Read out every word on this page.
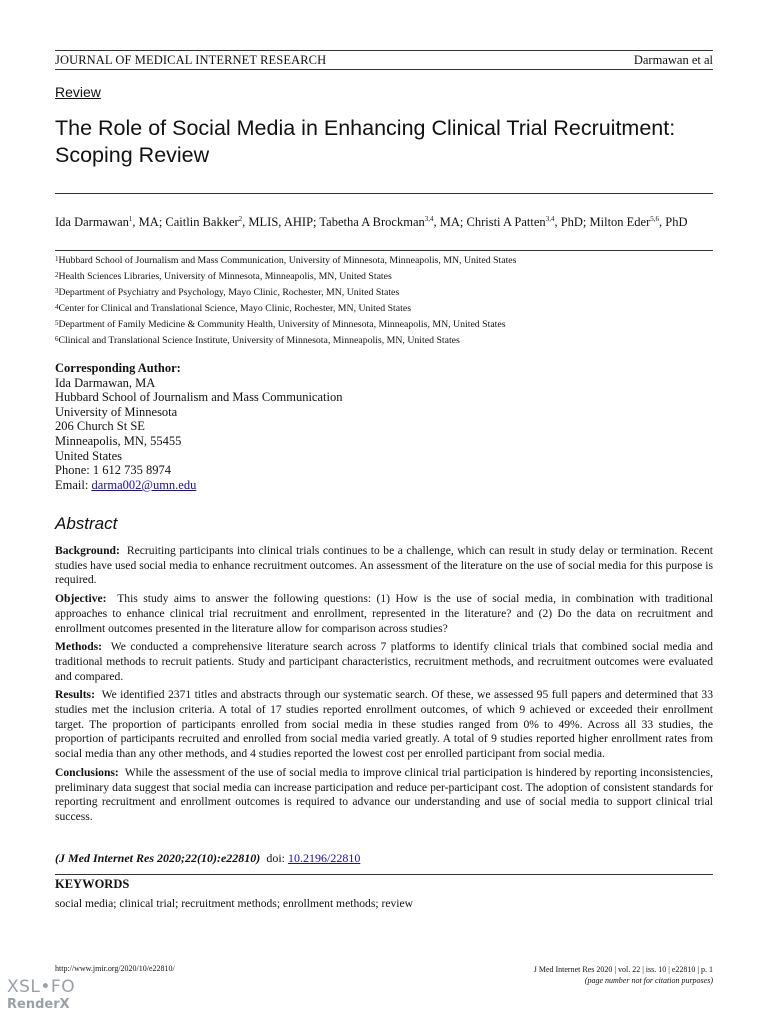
JOURNAL OF MEDICAL INTERNET RESEARCH	Darmawan et al
Review
The Role of Social Media in Enhancing Clinical Trial Recruitment:
Scoping Review
Ida Darmawan$^1$, MA; Caitlin Bakker$^2$, MLIS, AHIP; Tabetha A Brockman$^{3,4}$, MA; Christi A Patten$^{3,4}$, PhD; Milton Eder$^{5,6}$, PhD
$^1$Hubbard School of Journalism and Mass Communication, University of Minnesota, Minneapolis, MN, United States
$^2$Health Sciences Libraries, University of Minnesota, Minneapolis, MN, United States
$^3$Department of Psychiatry and Psychology, Mayo Clinic, Rochester, MN, United States
$^4$Center for Clinical and Translational Science, Mayo Clinic, Rochester, MN, United States
$^5$Department of Family Medicine & Community Health, University of Minnesota, Minneapolis, MN, United States
$^6$Clinical and Translational Science Institute, University of Minnesota, Minneapolis, MN, United States
Corresponding Author:
Ida Darmawan, MA
Hubbard School of Journalism and Mass Communication
University of Minnesota
206 Church St SE
Minneapolis, MN, 55455
United States
Phone: 1 612 735 8974
Email: darma002@umn.edu
Abstract

Background: Recruiting participants into clinical trials continues to be a challenge, which can result in study delay or termination. Recent studies have used social media to enhance recruitment outcomes. An assessment of the literature on the use of social media for this purpose is required.

Objective: This study aims to answer the following questions: (1) How is the use of social media, in combination with traditional approaches to enhance clinical trial recruitment and enrollment, represented in the literature? and (2) Do the data on recruitment and enrollment outcomes presented in the literature allow for comparison across studies?

Methods: We conducted a comprehensive literature search across 7 platforms to identify clinical trials that combined social media and traditional methods to recruit patients. Study and participant characteristics, recruitment methods, and recruitment outcomes were evaluated and compared.

Results: We identified 2371 titles and abstracts through our systematic search. Of these, we assessed 95 full papers and determined that 33 studies met the inclusion criteria. A total of 17 studies reported enrollment outcomes, of which 9 achieved or exceeded their enrollment target. The proportion of participants enrolled from social media in these studies ranged from 0% to 49%. Across all 33 studies, the proportion of participants recruited and enrolled from social media varied greatly. A total of 9 studies reported higher enrollment rates from social media than any other methods, and 4 studies reported the lowest cost per enrolled participant from social media.

Conclusions: While the assessment of the use of social media to improve clinical trial participation is hindered by reporting inconsistencies, preliminary data suggest that social media can increase participation and reduce per-participant cost. The adoption of consistent standards for reporting recruitment and enrollment outcomes is required to advance our understanding and use of social media to support clinical trial success.

(J Med Internet Res 2020;22(10):e22810) doi: 10.2196/22810
KEYWORDS
social media; clinical trial; recruitment methods; enrollment methods; review
http://www.jmir.org/2020/10/e22810/	J Med Internet Res 2020 | vol. 22 | iss. 10 | e22810 | p. 1
(page number not for citation purposes)
XSL•FO
RenderX
